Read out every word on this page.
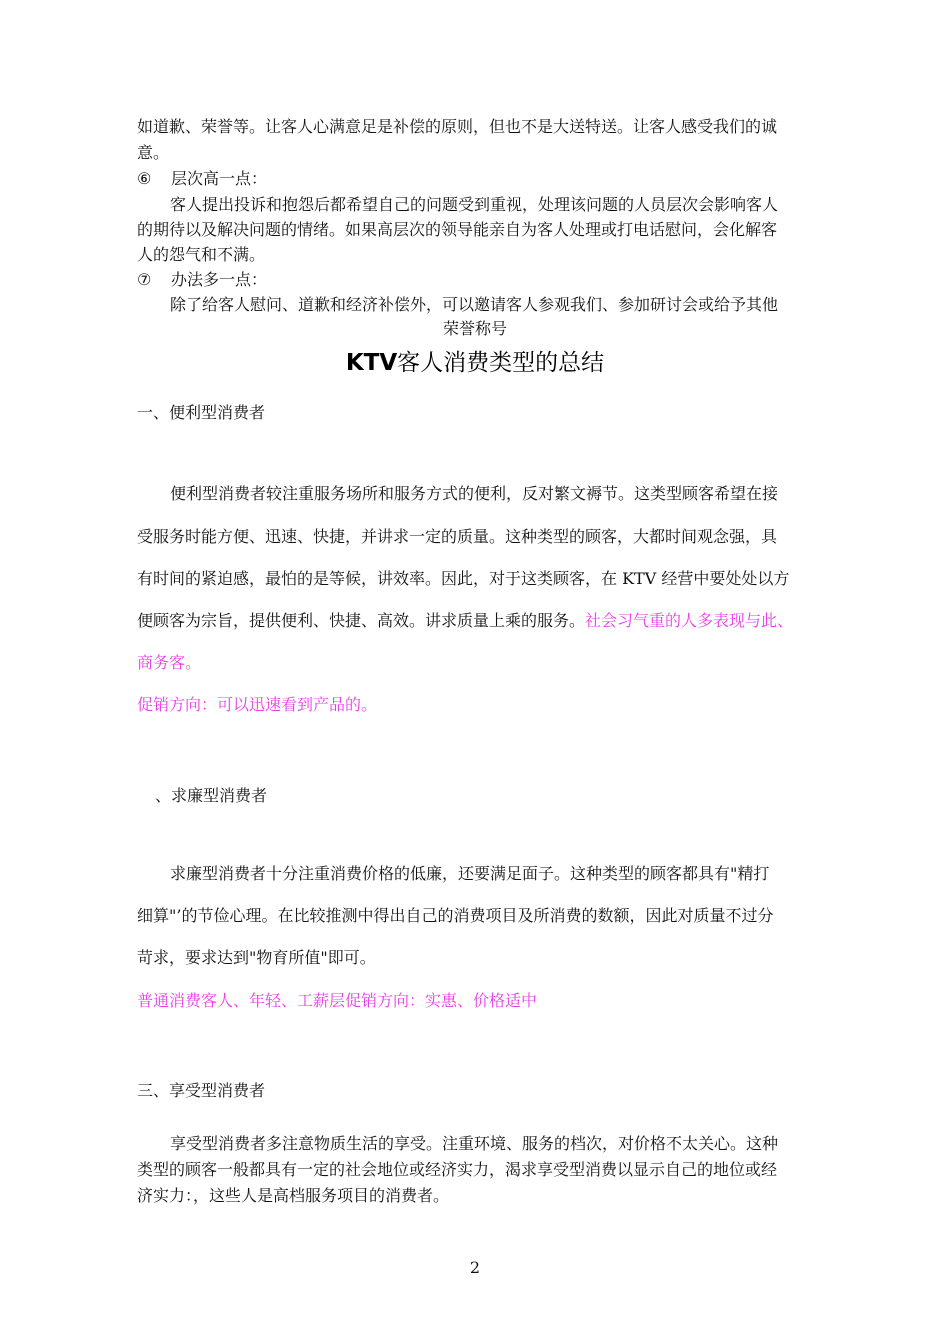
如道歉、荣誉等。让客人心满意足是补偿的原则，但也不是大送特送。让客人感受我们的诚

意。

⑥ 层次高一点：

客人提出投诉和抱怨后都希望自己的问题受到重视，处理该问题的人员层次会影响客人

的期待以及解决问题的情绪。如果高层次的领导能亲自为客人处理或打电话慰问，会化解客

人的怨气和不满。

⑦ 办法多一点：

除了给客人慰问、道歉和经济补偿外，可以邀请客人参观我们、参加研讨会或给予其他

荣誉称号

KTV客人消费类型的总结

一、便利型消费者

便利型消费者较注重服务场所和服务方式的便利，反对繁文褥节。这类型顾客希望在接

受服务时能方便、迅速、快捷，并讲求一定的质量。这种类型的顾客，大都时间观念强，具

有时间的紧迫感，最怕的是等候，讲效率。因此，对于这类顾客，在 KTV 经营中要处处以方

便顾客为宗旨，提供便利、快捷、高效。讲求质量上乘的服务。社会习气重的人多表现与此、

商务客。

促销方向：可以迅速看到产品的。

、求廉型消费者

求廉型消费者十分注重消费价格的低廉，还要满足面子。这种类型的顾客都具有"精打

细算"’的节俭心理。在比较推测中得出自己的消费项目及所消费的数额，因此对质量不过分

苛求，要求达到"物育所值"即可。

普通消费客人、年轻、工薪层促销方向：实惠、价格适中

三、享受型消费者

享受型消费者多注意物质生活的享受。注重环境、服务的档次，对价格不太关心。这种

类型的顾客一般都具有一定的社会地位或经济实力，渴求享受型消费以显示自己的地位或经

济实力：，这些人是高档服务项目的消费者。

2
